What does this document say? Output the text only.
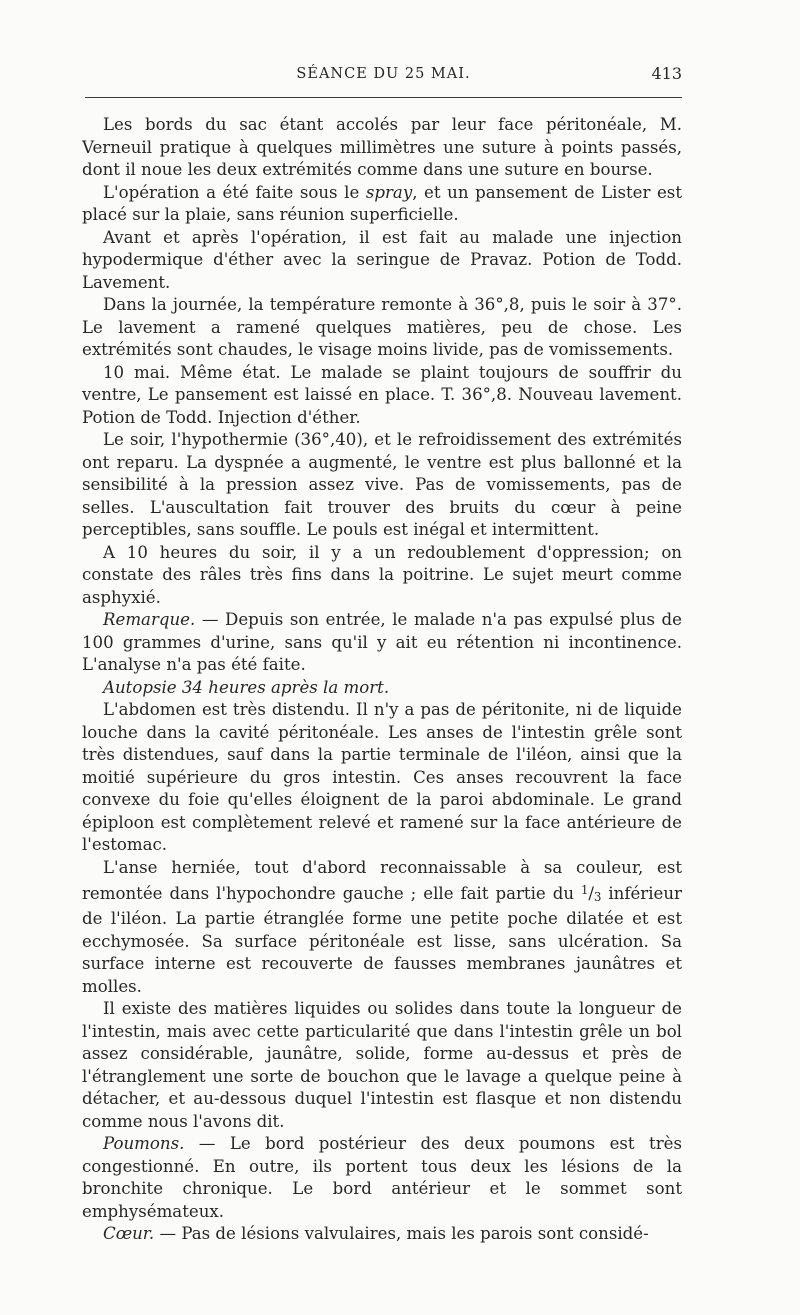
SÉANCE DU 25 MAI.	413

Les bords du sac étant accolés par leur face péritonéale, M. Verneuil pratique à quelques millimètres une suture à points passés, dont il noue les deux extrémités comme dans une suture en bourse.

L'opération a été faite sous le spray, et un pansement de Lister est placé sur la plaie, sans réunion superficielle.

Avant et après l'opération, il est fait au malade une injection hypodermique d'éther avec la seringue de Pravaz. Potion de Todd. Lavement.

Dans la journée, la température remonte à 36°,8, puis le soir à 37°. Le lavement a ramené quelques matières, peu de chose. Les extrémités sont chaudes, le visage moins livide, pas de vomissements.

10 mai. Même état. Le malade se plaint toujours de souffrir du ventre, Le pansement est laissé en place. T. 36°,8. Nouveau lavement. Potion de Todd. Injection d'éther.

Le soir, l'hypothermie (36°,40), et le refroidissement des extrémités ont reparu. La dyspnée a augmenté, le ventre est plus ballonné et la sensibilité à la pression assez vive. Pas de vomissements, pas de selles. L'auscultation fait trouver des bruits du cœur à peine perceptibles, sans souffle. Le pouls est inégal et intermittent.

A 10 heures du soir, il y a un redoublement d'oppression; on constate des râles très fins dans la poitrine. Le sujet meurt comme asphyxié.

Remarque. — Depuis son entrée, le malade n'a pas expulsé plus de 100 grammes d'urine, sans qu'il y ait eu rétention ni incontinence. L'analyse n'a pas été faite.

Autopsie 34 heures après la mort.

L'abdomen est très distendu. Il n'y a pas de péritonite, ni de liquide louche dans la cavité péritonéale. Les anses de l'intestin grêle sont très distendues, sauf dans la partie terminale de l'iléon, ainsi que la moitié supérieure du gros intestin. Ces anses recouvrent la face convexe du foie qu'elles éloignent de la paroi abdominale. Le grand épiploon est complètement relevé et ramené sur la face antérieure de l'estomac.

L'anse herniée, tout d'abord reconnaissable à sa couleur, est remontée dans l'hypochondre gauche ; elle fait partie du $^1$/3 inférieur de l'iléon. La partie étranglée forme une petite poche dilatée et est ecchymosée. Sa surface péritonéale est lisse, sans ulcération. Sa surface interne est recouverte de fausses membranes jaunâtres et molles.

Il existe des matières liquides ou solides dans toute la longueur de l'intestin, mais avec cette particularité que dans l'intestin grêle un bol assez considérable, jaunâtre, solide, forme au-dessus et près de l'étranglement une sorte de bouchon que le lavage a quelque peine à détacher, et au-dessous duquel l'intestin est flasque et non distendu comme nous l'avons dit.

Poumons. — Le bord postérieur des deux poumons est très congestionné. En outre, ils portent tous deux les lésions de la bronchite chronique. Le bord antérieur et le sommet sont emphysémateux.

Cœur. — Pas de lésions valvulaires, mais les parois sont considé-
